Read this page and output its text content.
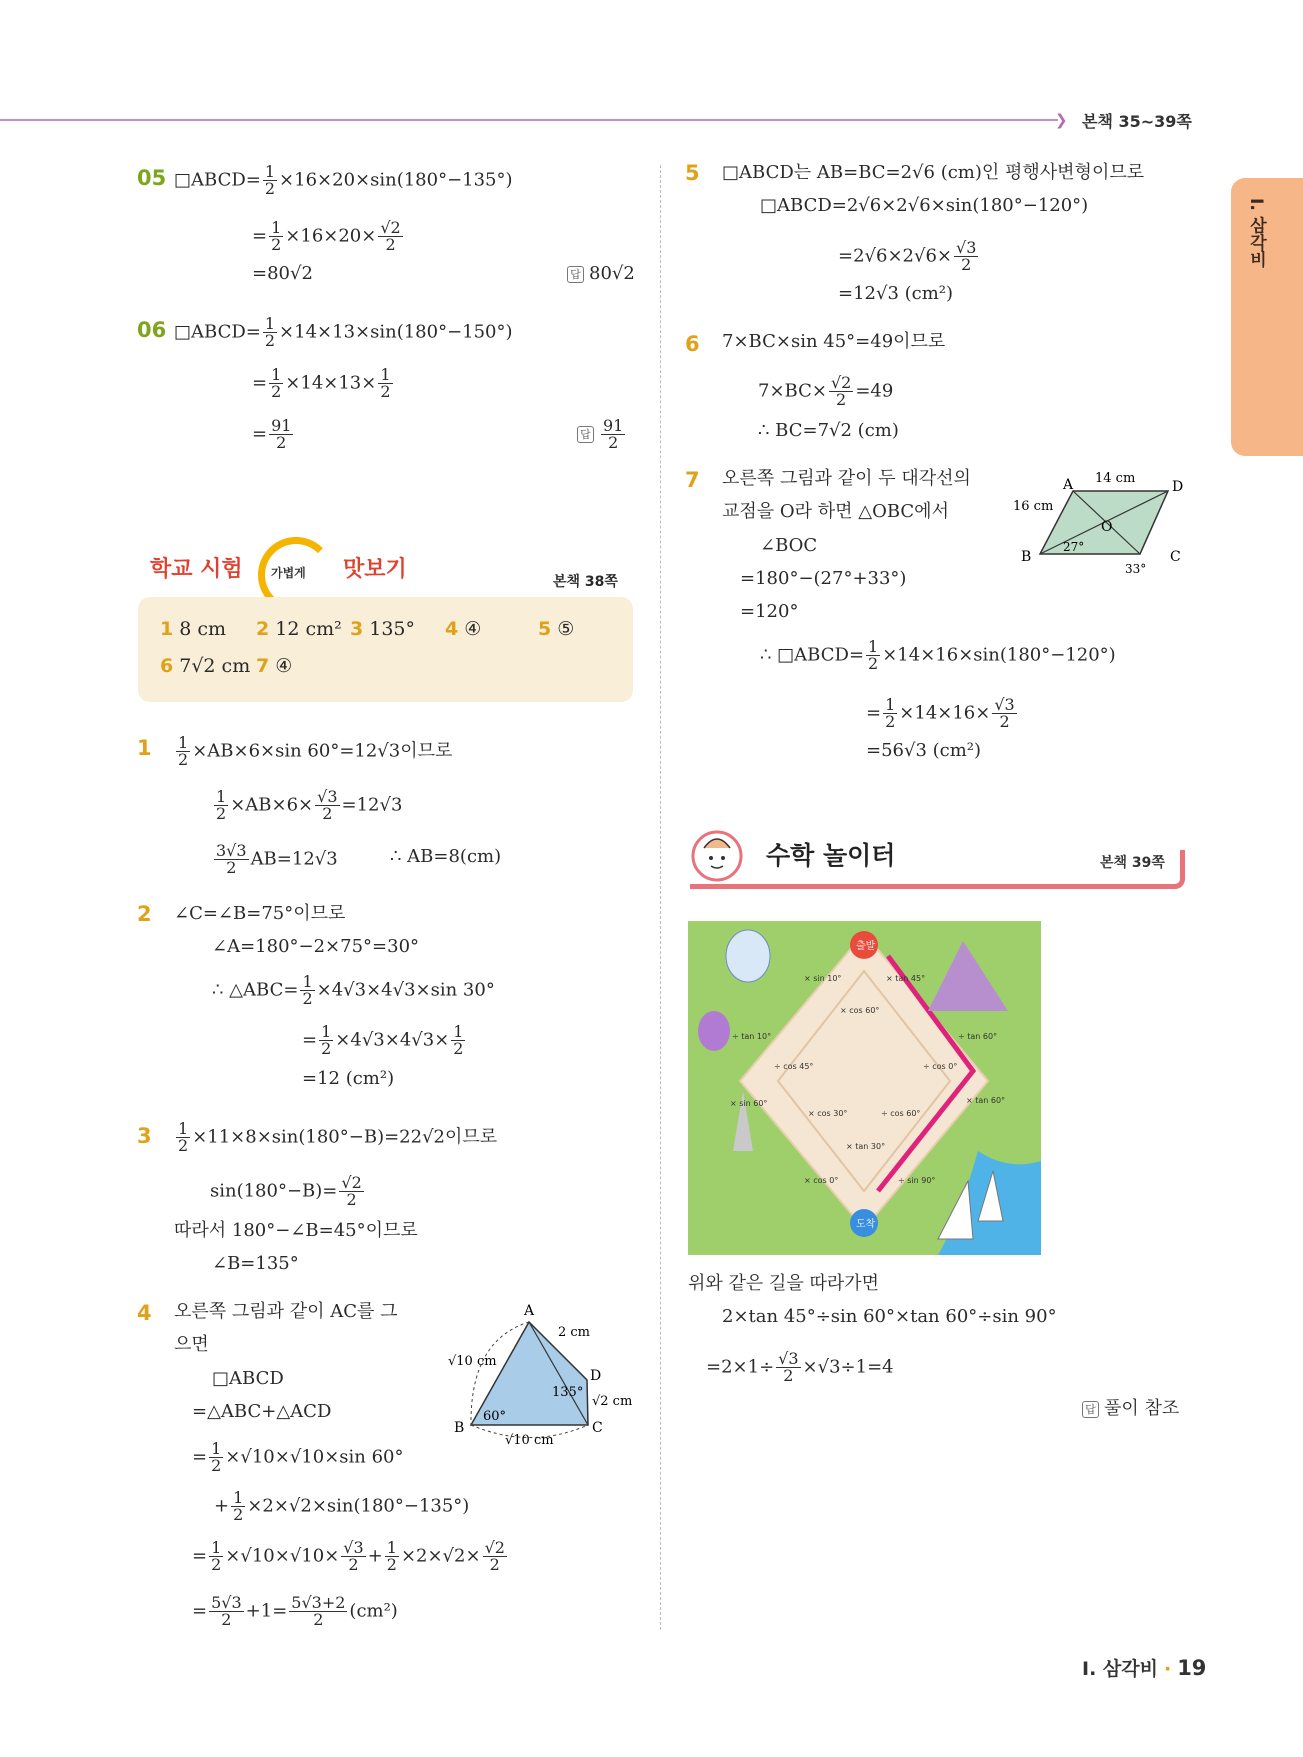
❯ 본책 35~39쪽
I. 삼각비
05 □ABCD= $\frac{1}{2} \times 16\times 20\times\sin(180^\circ-135^\circ)$
= $\frac{1}{2} \times 16\times 20\times \frac{√2}{2}$
=80√2	답 80√2
06 □ABCD= $\frac{1}{2} \times 14\times 13\times\sin(180^\circ-150^\circ)$
= $\frac{1}{2} \times 14\times 13\times \frac{1}{2}$
= $\frac{91}{2}$	답 $\frac{91}{2}$
학교 시험 가볍게 맛보기	본책 38쪽
1 8 cm 2 12 cm² 3 135° 4 ④	5 ⑤
6 7√2 cm 7 ④
$1 \frac{1}{2} \times AB\times 6\times\sin$ 60°=12√3이므로
$\frac{1}{2} \times AB\times 6\times \frac{√3}{2} =12√3$
$\frac{3√3}{2} AB=12√3$	∴ AB=8(cm)
2 ∠C=∠B=75°이므로
∠A=180°−2×75°=30°
∴ △ABC= $\frac{1}{2} \times 4√3\times 4√3\times\sin$ 30°
= $\frac{1}{2} \times 4√3\times 4√3\times \frac{1}{2}$
=12 (cm²)
$3 \frac{1}{2} \times 11\times 8\times\sin(180^\circ-B)=22√2$이므로
$\sin(180^\circ-B)= \frac{√2}{2}$
따라서 180°−∠B=45°이므로
∠B=135°
4 오른쪽 그림과 같이 AC를 그
으면
□ABCD
=△ABC+△ACD
= $\frac{1}{2} \times√10\times√10\times\sin$ 60°
+ $\frac{1}{2} \times 2\times√2\times\sin(180^\circ-135^\circ)$
= $\frac{1}{2} \times√10\times√10\times \frac{√3}{2} + \frac{1}{2} \times 2\times√2\times \frac{√2}{2}$
= $\frac{5√3}{2} +1= \frac{5√3+2}{2} (cm^2)$
A
B	C
D
√10 cm
√10 cm
2 cm
√2 cm
60°
135°
5 □ABCD는 AB=BC=2√6 (cm)인 평행사변형이므로
□ABCD=2√6×2√6×sin(180°−120°)
$=2√6\times 2√6\times \frac{√3}{2}$
=12√3 (cm²)
6 7×BC×sin 45°=49이므로
$7\times BC\times \frac{√2}{2} =49$
∴ BC=7√2 (cm)
7 오른쪽 그림과 같이 두 대각선의
교점을 O라 하면 △OBC에서
∠BOC
=180°−(27°+33°)
=120°
∴ □ABCD= $\frac{1}{2} \times 14\times 16\times\sin(180^\circ-120^\circ)$
= $\frac{1}{2} \times 14\times 16\times \frac{√3}{2}$
=56√3 (cm²)
A	D
B	C
O
14 cm
16 cm
27°
33°
수학 놀이터	본책 39쪽
출발
도착
× sin 10°	× tan 45°
× cos 60°
÷ tan 10°	÷ tan 60°
÷ cos 45°	÷ cos 0°
× sin 60°
× cos 30°	÷ cos 60°
× tan 60°
× tan 30°
× cos 0°	÷ sin 90°
위와 같은 길을 따라가면
2×tan 45°÷sin 60°×tan 60°÷sin 90°
$=2\times 1\div \frac{√3}{2} \times√3\div 1=4$
답 풀이 참조
I. 삼각비 · 19
